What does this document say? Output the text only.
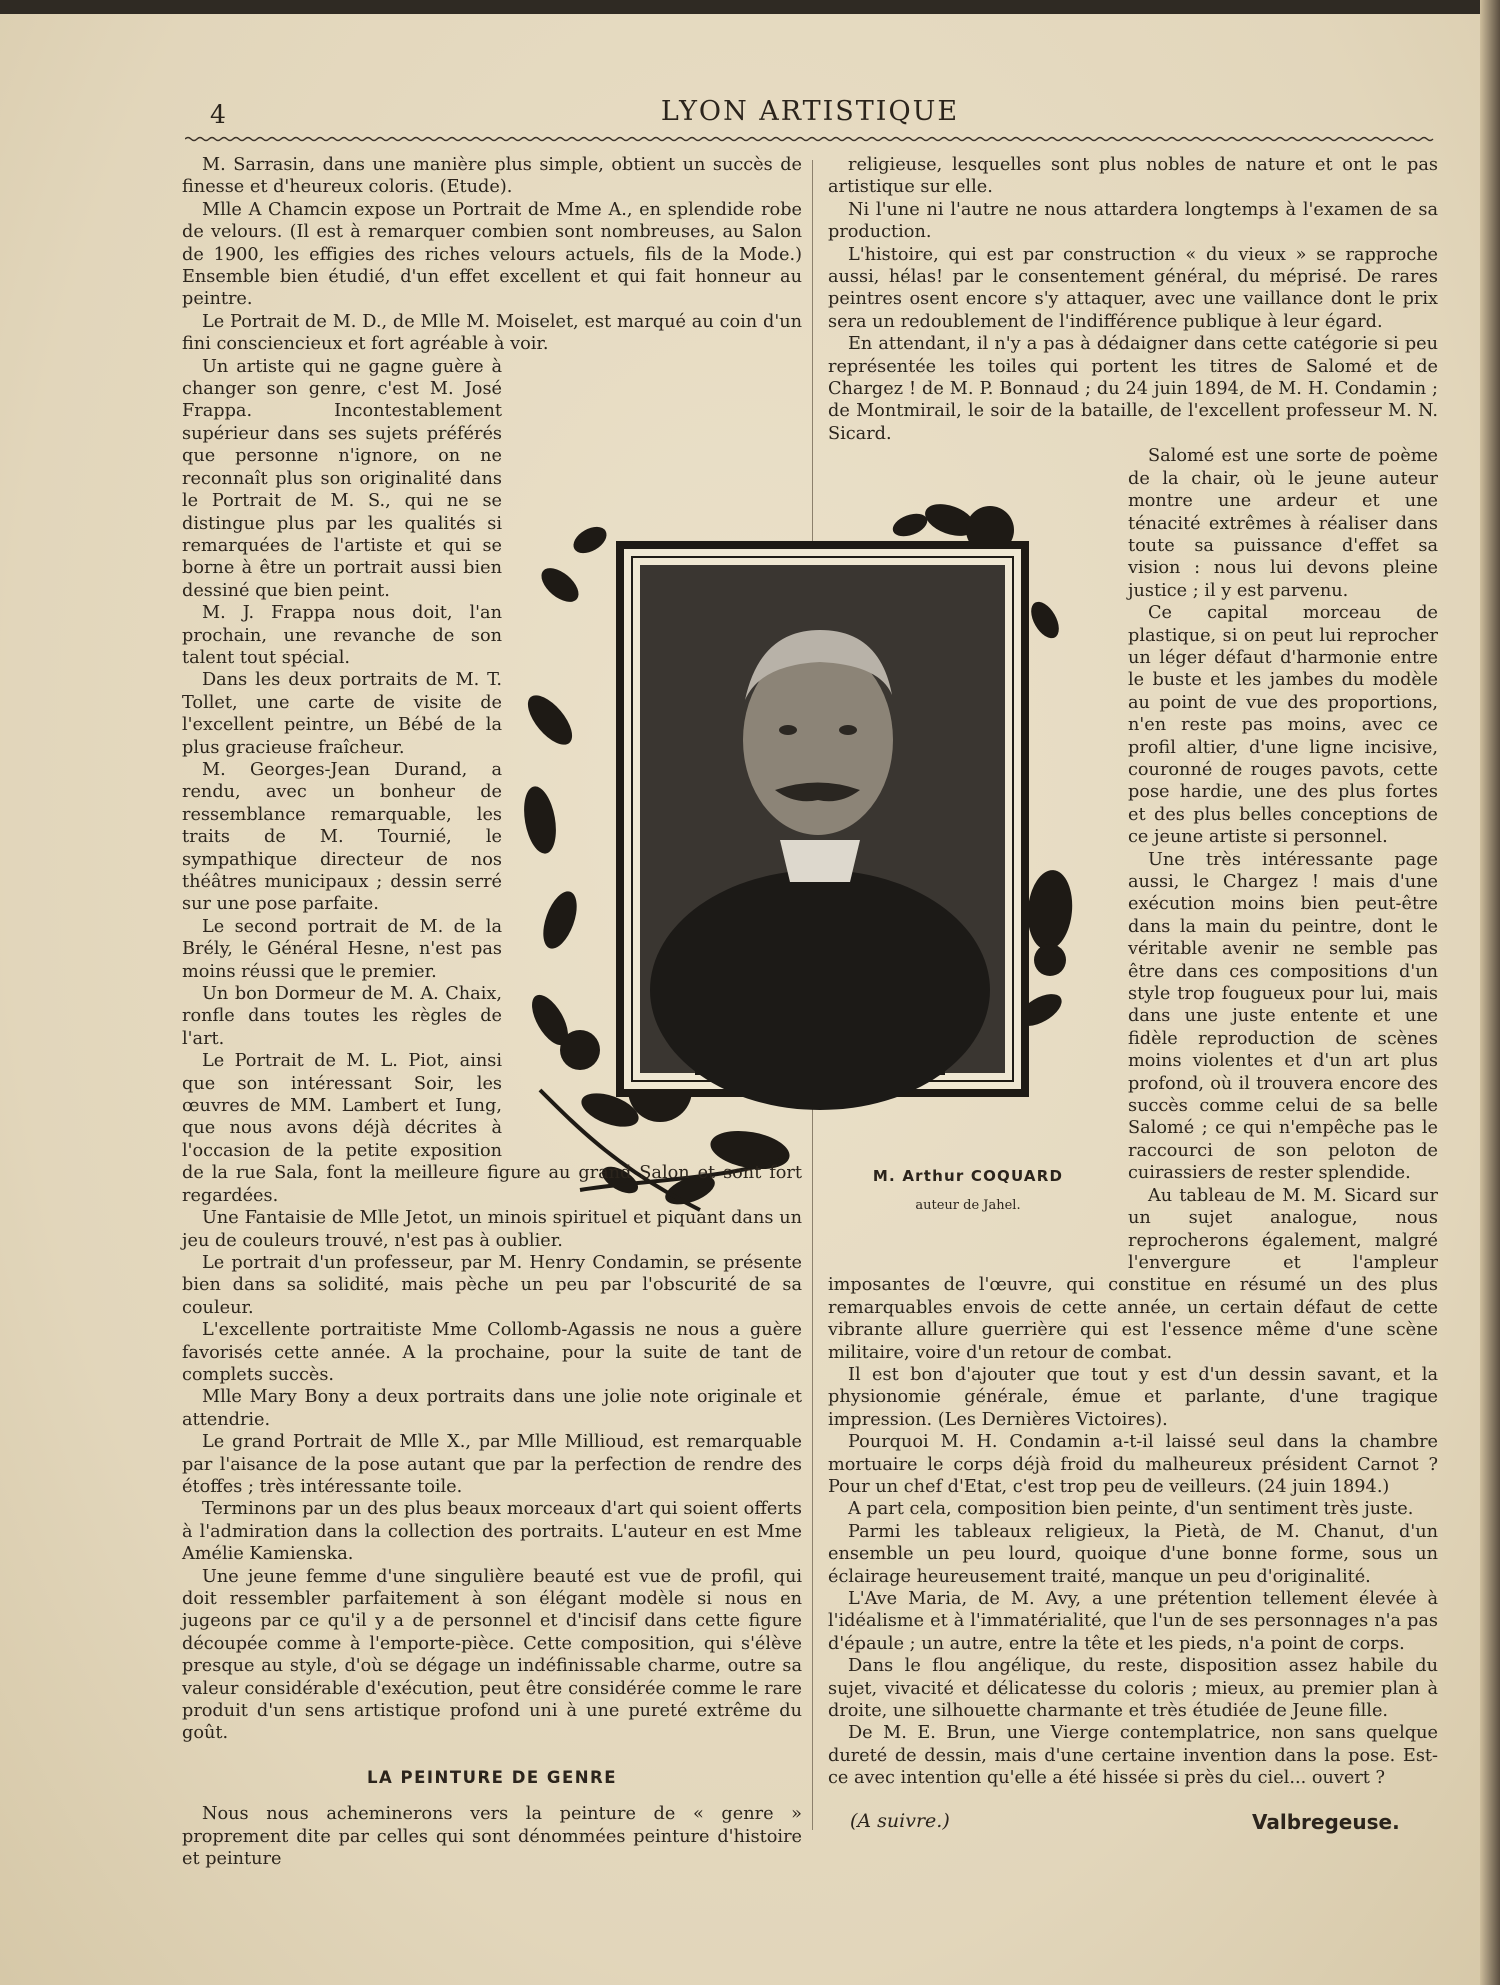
4	LYON ARTISTIQUE
M. Arthur COQUARD
auteur de Jahel.

M. Sarrasin, dans une manière plus simple, obtient un succès de finesse et d'heureux coloris. (Etude).

Mlle A Chamcin expose un Portrait de Mme A., en splendide robe de velours. (Il est à remarquer combien sont nombreuses, au Salon de 1900, les effigies des riches velours actuels, fils de la Mode.) Ensemble bien étudié, d'un effet excellent et qui fait honneur au peintre.

Le Portrait de M. D., de Mlle M. Moiselet, est marqué au coin d'un fini consciencieux et fort agréable à voir.

Un artiste qui ne gagne guère à changer son genre, c'est M. José Frappa. Incontestablement supérieur dans ses sujets préférés que personne n'ignore, on ne reconnaît plus son originalité dans le Portrait de M. S., qui ne se distingue plus par les qualités si remarquées de l'artiste et qui se borne à être un portrait aussi bien dessiné que bien peint.

M. J. Frappa nous doit, l'an prochain, une revanche de son talent tout spécial.

Dans les deux portraits de M. T. Tollet, une carte de visite de l'excellent peintre, un Bébé de la plus gracieuse fraîcheur.

M. Georges-Jean Durand, a rendu, avec un bonheur de ressemblance remarquable, les traits de M. Tournié, le sympathique directeur de nos théâtres municipaux ; dessin serré sur une pose parfaite.

Le second portrait de M. de la Brély, le Général Hesne, n'est pas moins réussi que le premier.

Un bon Dormeur de M. A. Chaix, ronfle dans toutes les règles de l'art.

Le Portrait de M. L. Piot, ainsi que son intéressant Soir, les œuvres de MM. Lambert et Iung, que nous avons déjà décrites à l'occasion de la petite exposition de la rue Sala, font la meilleure figure au grand Salon et sont fort regardées.

Une Fantaisie de Mlle Jetot, un minois spirituel et piquant dans un jeu de couleurs trouvé, n'est pas à oublier.

Le portrait d'un professeur, par M. Henry Condamin, se présente bien dans sa solidité, mais pèche un peu par l'obscurité de sa couleur.

L'excellente portraitiste Mme Collomb-Agassis ne nous a guère favorisés cette année. A la prochaine, pour la suite de tant de complets succès.

Mlle Mary Bony a deux portraits dans une jolie note originale et attendrie.

Le grand Portrait de Mlle X., par Mlle Millioud, est remarquable par l'aisance de la pose autant que par la perfection de rendre des étoffes ; très intéressante toile.

Terminons par un des plus beaux morceaux d'art qui soient offerts à l'admiration dans la collection des portraits. L'auteur en est Mme Amélie Kamienska.

Une jeune femme d'une singulière beauté est vue de profil, qui doit ressembler parfaitement à son élégant modèle si nous en jugeons par ce qu'il y a de personnel et d'incisif dans cette figure découpée comme à l'emporte-pièce. Cette composition, qui s'élève presque au style, d'où se dégage un indéfinissable charme, outre sa valeur considérable d'exécution, peut être considérée comme le rare produit d'un sens artistique profond uni à une pureté extrême du goût.

LA PEINTURE DE GENRE

Nous nous acheminerons vers la peinture de « genre » proprement dite par celles qui sont dénommées peinture d'histoire et peinture

religieuse, lesquelles sont plus nobles de nature et ont le pas artistique sur elle.

Ni l'une ni l'autre ne nous attardera longtemps à l'examen de sa production.

L'histoire, qui est par construction « du vieux » se rapproche aussi, hélas! par le consentement général, du méprisé. De rares peintres osent encore s'y attaquer, avec une vaillance dont le prix sera un redoublement de l'indifférence publique à leur égard.

En attendant, il n'y a pas à dédaigner dans cette catégorie si peu représentée les toiles qui portent les titres de Salomé et de Chargez ! de M. P. Bonnaud ; du 24 juin 1894, de M. H. Condamin ; de Montmirail, le soir de la bataille, de l'excellent professeur M. N. Sicard.

Salomé est une sorte de poème de la chair, où le jeune auteur montre une ardeur et une ténacité extrêmes à réaliser dans toute sa puissance d'effet sa vision : nous lui devons pleine justice ; il y est parvenu.

Ce capital morceau de plastique, si on peut lui reprocher un léger défaut d'harmonie entre le buste et les jambes du modèle au point de vue des proportions, n'en reste pas moins, avec ce profil altier, d'une ligne incisive, couronné de rouges pavots, cette pose hardie, une des plus fortes et des plus belles conceptions de ce jeune artiste si personnel.

Une très intéressante page aussi, le Chargez ! mais d'une exécution moins bien peut-être dans la main du peintre, dont le véritable avenir ne semble pas être dans ces compositions d'un style trop fougueux pour lui, mais dans une juste entente et une fidèle reproduction de scènes moins violentes et d'un art plus profond, où il trouvera encore des succès comme celui de sa belle Salomé ; ce qui n'empêche pas le raccourci de son peloton de cuirassiers de rester splendide.

Au tableau de M. M. Sicard sur un sujet analogue, nous reprocherons également, malgré l'envergure et l'ampleur imposantes de l'œuvre, qui constitue en résumé un des plus remarquables envois de cette année, un certain défaut de cette vibrante allure guerrière qui est l'essence même d'une scène militaire, voire d'un retour de combat.

Il est bon d'ajouter que tout y est d'un dessin savant, et la physionomie générale, émue et parlante, d'une tragique impression. (Les Dernières Victoires).

Pourquoi M. H. Condamin a-t-il laissé seul dans la chambre mortuaire le corps déjà froid du malheureux président Carnot ? Pour un chef d'Etat, c'est trop peu de veilleurs. (24 juin 1894.)

A part cela, composition bien peinte, d'un sentiment très juste.

Parmi les tableaux religieux, la Pietà, de M. Chanut, d'un ensemble un peu lourd, quoique d'une bonne forme, sous un éclairage heureusement traité, manque un peu d'originalité.

L'Ave Maria, de M. Avy, a une prétention tellement élevée à l'idéalisme et à l'immatérialité, que l'un de ses personnages n'a pas d'épaule ; un autre, entre la tête et les pieds, n'a point de corps.

Dans le flou angélique, du reste, disposition assez habile du sujet, vivacité et délicatesse du coloris ; mieux, au premier plan à droite, une silhouette charmante et très étudiée de Jeune fille.

De M. E. Brun, une Vierge contemplatrice, non sans quelque dureté de dessin, mais d'une certaine invention dans la pose. Est-ce avec intention qu'elle a été hissée si près du ciel... ouvert ?

(A suivre.)	Valbregeuse.
